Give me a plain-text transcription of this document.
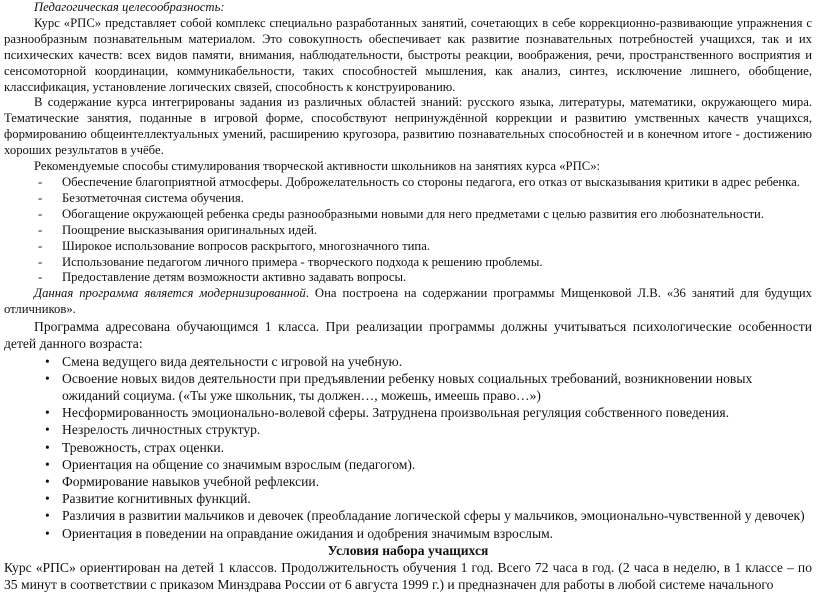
Педагогическая целесообразность:

Курс «РПС» представляет собой комплекс специально разработанных занятий, сочетающих в себе коррекционно-развивающие упражнения с разнообразным познавательным материалом. Это совокупность обеспечивает как развитие познавательных потребностей учащихся, так и их психических качеств: всех видов памяти, внимания, наблюдательности, быстроты реакции, воображения, речи, пространственного восприятия и сенсомоторной координации, коммуникабельности, таких способностей мышления, как анализ, синтез, исключение лишнего, обобщение, классификация, установление логических связей, способность к конструированию.

В содержание курса интегрированы задания из различных областей знаний: русского языка, литературы, математики, окружающего мира. Тематические занятия, поданные в игровой форме, способствуют непринуждённой коррекции и развитию умственных качеств учащихся, формированию общеинтеллектуальных умений, расширению кругозора, развитию познавательных способностей и в конечном итоге - достижению хороших результатов в учёбе.

Рекомендуемые способы стимулирования творческой активности школьников на занятиях курса «РПС»:

- Обеспечение благоприятной атмосферы. Доброжелательность со стороны педагога, его отказ от высказывания критики в адрес ребенка.
- Безотметочная система обучения.
- Обогащение окружающей ребенка среды разнообразными новыми для него предметами с целью развития его любознательности.
- Поощрение высказывания оригинальных идей.
- Широкое использование вопросов раскрытого, многозначного типа.
- Использование педагогом личного примера - творческого подхода к решению проблемы.
- Предоставление детям возможности активно задавать вопросы.

Данная программа является модернизированной. Она построена на содержании программы Мищенковой Л.В. «36 занятий для будущих отличников».

Программа адресована обучающимся 1 класса. При реализации программы должны учитываться психологические особенности детей данного возраста:

• Смена ведущего вида деятельности с игровой на учебную.
• Освоение новых видов деятельности при предъявлении ребенку новых социальных требований, возникновении новых ожиданий социума. («Ты уже школьник, ты должен…, можешь, имеешь право…»)
• Несформированность эмоционально-волевой сферы. Затруднена произвольная регуляция собственного поведения.
• Незрелость личностных структур.
• Тревожность, страх оценки.
• Ориентация на общение со значимым взрослым (педагогом).
• Формирование навыков учебной рефлексии.
• Развитие когнитивных функций.
• Различия в развитии мальчиков и девочек (преобладание логической сферы у мальчиков, эмоционально-чувственной у девочек)
• Ориентация в поведении на оправдание ожидания и одобрения значимым взрослым.

Условия набора учащихся

Курс «РПС» ориентирован на детей 1 классов. Продолжительность обучения 1 год. Всего 72 часа в год. (2 часа в неделю, в 1 классе – по 35 минут в соответствии с приказом Минздрава России от 6 августа 1999 г.) и предназначен для работы в любой системе начального
